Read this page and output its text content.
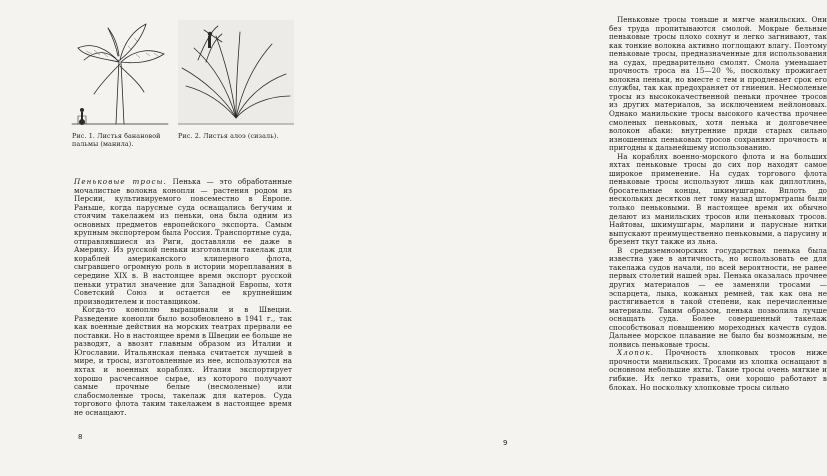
Рис. 1. Листья банановой пальмы (манила).
Рис. 2. Листья алоэ (сизаль).

Пеньковые тросы. Пенька — это обработанные мочалистые волокна конопли — растения родом из Персии, культивируемого повсеместно в Европе. Раньше, когда парусные суда оснащались бегучим и стоячим такелажем из пеньки, она была одним из основных предметов европейского экспорта. Самым крупным экспортером была Россия. Транспортные суда, отправлявшиеся из Риги, доставляли ее даже в Америку. Из русской пеньки изготовляли такелаж для кораблей американского клиперного флота, сыгравшего огромную роль в истории мореплавания в середине XIX в. В настоящее время экспорт русской пеньки утратил значение для Западной Европы, хотя Советский Союз и остается ее крупнейшим производителем и поставщиком.

Когда-то коноплю выращивали и в Швеции. Разведение конопли было возобновлено в 1941 г., так как военные действия на морских театрах прервали ее поставки. Но в настоящее время в Швеции ее больше не разводят, а ввозят главным образом из Италии и Югославии. Итальянская пенька считается лучшей в мире, и тросы, изготовленные из нее, используются на яхтах и военных кораблях. Италия экспортирует хорошо расчесанное сырье, из которого получают самые прочные белые (несмоленые) или слабосмоленые тросы, такелаж для катеров. Суда торгового флота таким такелажем в настоящее время не оснащают.

8

Пеньковые тросы тоньше и мягче манильских. Они без труда пропитываются смолой. Мокрые бельные пеньковые тросы плохо сохнут и легко загнивают, так как тонкие волокна активно поглощают влагу. Поэтому пеньковые тросы, предназначенные для использования на судах, предварительно смолят. Смола уменьшает прочность троса на 15—20 %, поскольку прожигает волокна пеньки, но вместе с тем и продлевает срок его службы, так как предохраняет от гниения. Несмоленые тросы из высококачественной пеньки прочнее тросов из других материалов, за исключением нейлоновых. Однако манильские тросы высокого качества прочнее смоленых пеньковых, хотя пенька и долговечнее волокон абаки: внутренние пряди старых сильно изношенных пеньковых тросов сохраняют прочность и пригодны к дальнейшему использованию.

На кораблях военно-морского флота и на больших яхтах пеньковые тросы до сих пор находят самое широкое применение. На судах торгового флота пеньковые тросы используют лишь как диплотлинь, бросательные концы, шкимушгары. Вплоть до нескольких десятков лет тому назад штормтрапы были только пеньковыми. В настоящее время их обычно делают из манильских тросов или пеньковых тросов. Найтовы, шкимушгары, марлини и парусные нитки выпускают преимущественно пеньковыми, а парусину и брезент ткут также из льна.

В средиземноморских государствах пенька была известна уже в античность, но использовать ее для такелажа судов начали, по всей вероятности, не ранее первых столетий нашей эры. Пенька оказалась прочнее других материалов — ее заменяли тросами — эспарцета, лыка, кожаных ремней, так как она не растягивается в такой степени, как перечисленные материалы. Таким образом, пенька позволила лучше оснащать суда. Более совершенный такелаж способствовал повышению мореходных качеств судов. Дальнее морское плавание не было бы возможным, не появись пеньковые тросы.

Хлопок. Прочность хлопковых тросов ниже прочности манильских. Тросами из хлопка оснащают в основном небольшие яхты. Такие тросы очень мягкие и гибкие. Их легко травить, они хорошо работают в блоках. Но поскольку хлопковые тросы сильно

9
